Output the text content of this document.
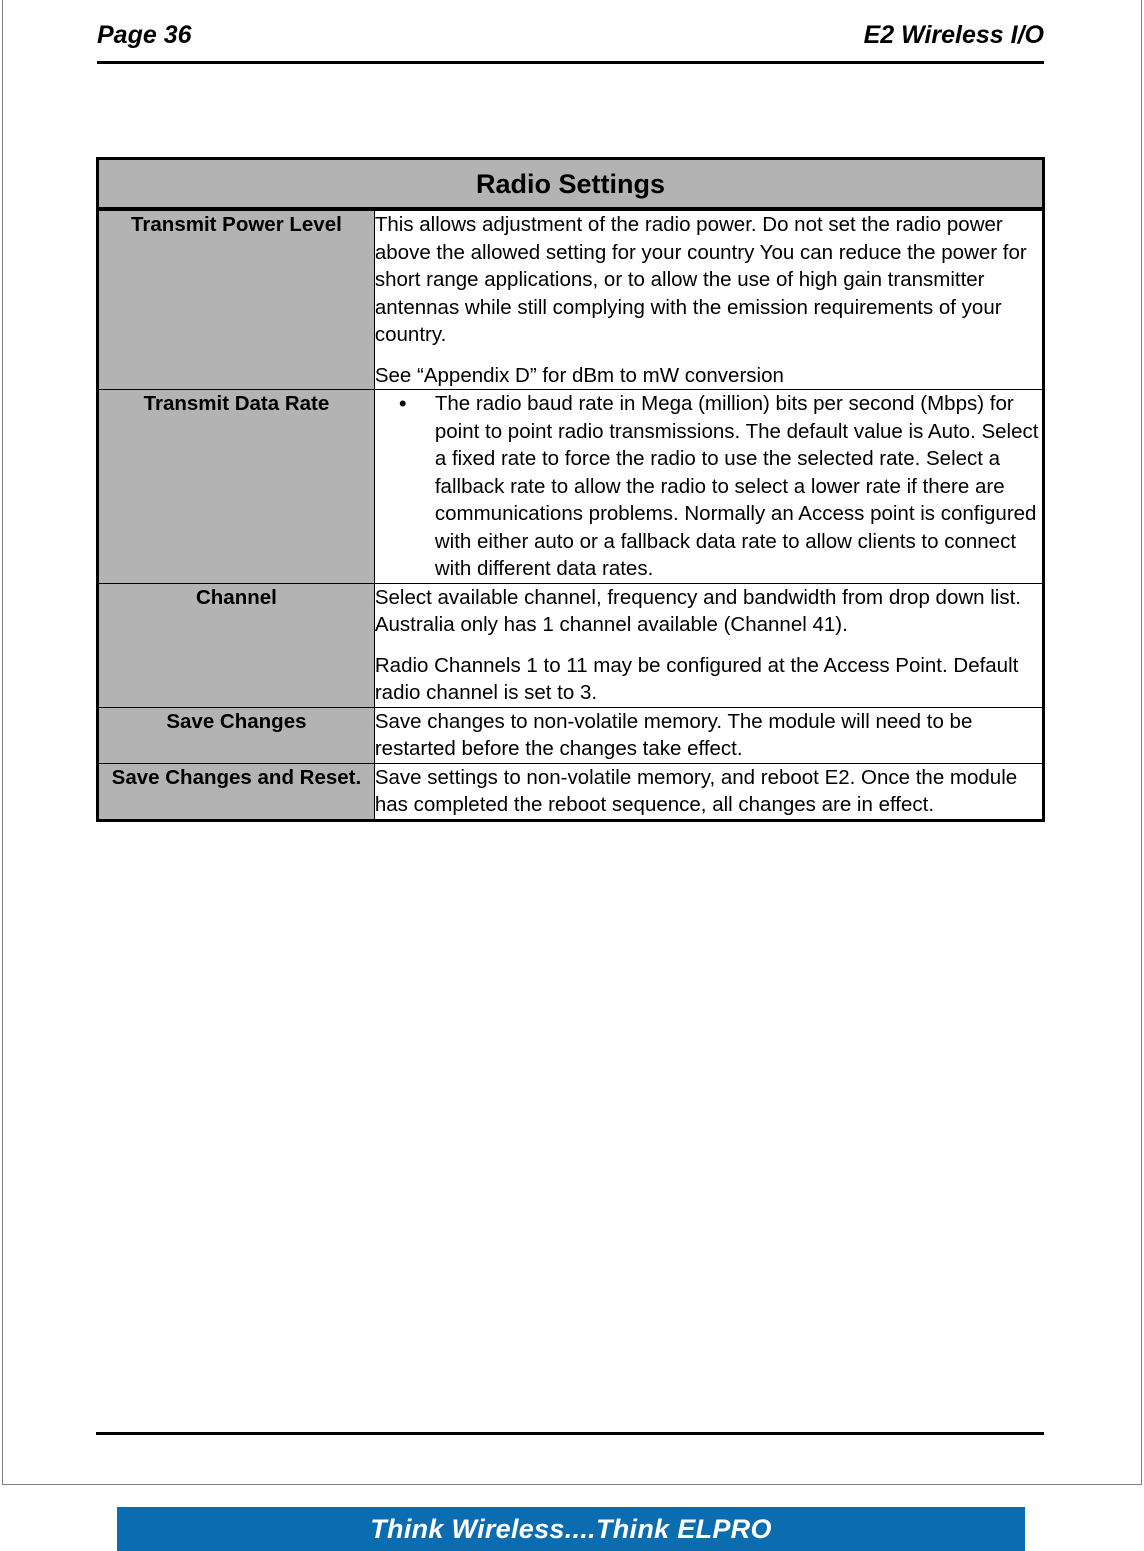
Page 36	E2 Wireless I/O
Radio Settings	
Transmit Power Level	This allows adjustment of the radio power. Do not set the radio power above the allowed setting for your country You can reduce the power for short range applications, or to allow the use of high gain transmitter antennas while still complying with the emission requirements of your country.

See “Appendix D” for dBm to mW conversion

Transmit Data Rate	• The radio baud rate in Mega (million) bits per second (Mbps) for point to point radio transmissions. The default value is Auto. Select a fixed rate to force the radio to use the selected rate. Select a fallback rate to allow the radio to select a lower rate if there are communications problems. Normally an Access point is configured with either auto or a fallback data rate to allow clients to connect with different data rates.

Channel	Select available channel, frequency and bandwidth from drop down list. Australia only has 1 channel available (Channel 41).

Radio Channels 1 to 11 may be configured at the Access Point. Default radio channel is set to 3.

Save Changes	Save changes to non-volatile memory. The module will need to be restarted before the changes take effect.

Save Changes and Reset.	Save settings to non-volatile memory, and reboot E2. Once the module has completed the reboot sequence, all changes are in effect.

Think Wireless....Think ELPRO
